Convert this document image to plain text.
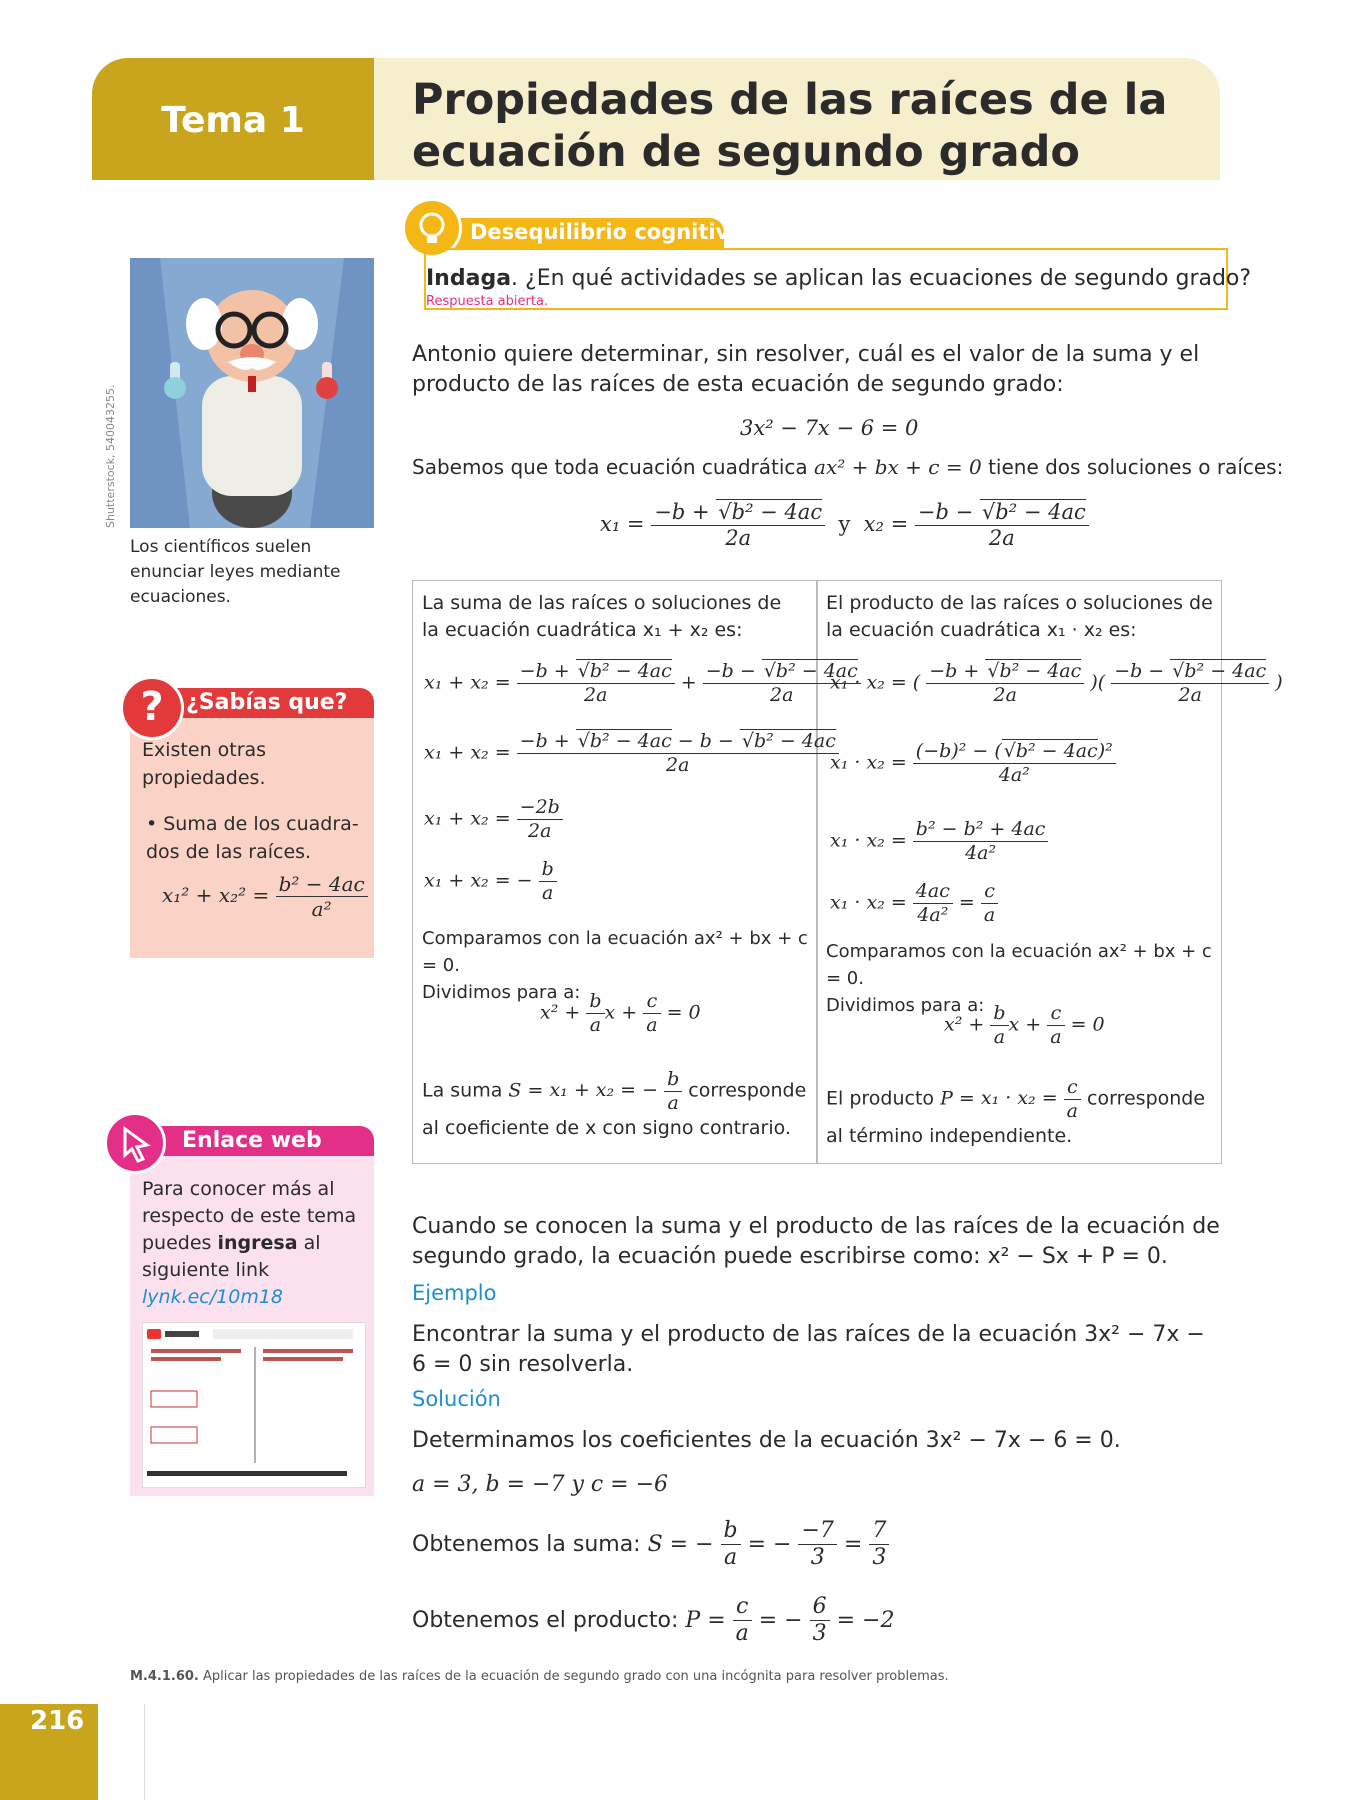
Tema 1	Propiedades de las raíces de la
ecuación de segundo grado
Shutterstock, 540043255.
Los científicos suelen enunciar leyes mediante ecuaciones.
?	¿Sabías que?
Existen otras propiedades.
• Suma de los cuadra- dos de las raíces.
$x_1^2 + x_2^2 = \frac{\text{b² − 4ac}}{\text{a²}}$
Enlace web
Para conocer más al respecto de este tema puedes ingresa al siguiente link
lynk.ec/10m18
Desequilibrio cognitivo
Indaga. ¿En qué actividades se aplican las ecuaciones de segundo grado?
Respuesta abierta.
Antonio quiere determinar, sin resolver, cuál es el valor de la suma y el producto de las raíces de esta ecuación de segundo grado:
3x² − 7x − 6 = 0
Sabemos que toda ecuación cuadrática ax² + bx + c = 0 tiene dos soluciones o raíces:
$x_1 = \frac{\text{−b + √ b² − 4ac}}{2a}$ y $x_2 = \frac{\text{−b − √ b² − 4ac}}{2a}$
La suma de las raíces o soluciones de la ecuación cuadrática x₁ + x₂ es:
$x_1 + x_2 = \frac{\text{−b + √ b² − 4ac}}{2a} + \frac{\text{−b − √ b² − 4ac}}{2a}$
$x_1 + x_2 = \frac{\text{−b + √ b² − 4ac − b − √ b² − 4ac}}{2a}$
$x_1 + x_2 = \frac{-2b}{2a}$
x₁ + x₂ = − $\frac{b}{a}$
Comparamos con la ecuación ax² + bx + c = 0.
Dividimos para a:
$x^2 + \frac{b}{a}$ $x + \frac{c}{a} = 0$
La suma S = x₁ + x₂ = − $\frac{b}{a}$ corresponde al coeficiente de x con signo contrario.
El producto de las raíces o soluciones de la ecuación cuadrática x₁ · x₂ es:
x₁ · x₂ = ( $\frac{\text{−b + √ b² − 4ac}}{2a}$ )( $\frac{\text{−b − √ b² − 4ac}}{2a}$ )
$x_1 \cdot x_2 = \frac{\text{(−b)² − ( √ b² − 4ac)²}}{\text{4a²}}$
$x_1 \cdot x_2 = \frac{\text{b² − b² + 4ac}}{\text{4a²}}$
$x_1 \cdot x_2 = \frac{4ac}{\text{4a²}} = \frac{c}{a}$
Comparamos con la ecuación ax² + bx + c = 0.
Dividimos para a:
$x^2 + \frac{b}{a}$ $x + \frac{c}{a} = 0$
El producto $P = x_1 \cdot x_2 = \frac{c}{a}$ corresponde al término independiente.
Cuando se conocen la suma y el producto de las raíces de la ecuación de segundo grado, la ecuación puede escribirse como: x² − Sx + P = 0.
Ejemplo
Encontrar la suma y el producto de las raíces de la ecuación 3x² − 7x − 6 = 0 sin resolverla.
Solución
Determinamos los coeficientes de la ecuación 3x² − 7x − 6 = 0.
a = 3, b = −7 y c = −6
Obtenemos la suma: S = − $\frac{b}{a}$ = − $\frac{-7}{3} = \frac{7}{3}$
Obtenemos el producto: $P = \frac{c}{a}$ = − $\frac{6}{3} = -2$
M.4.1.60. Aplicar las propiedades de las raíces de la ecuación de segundo grado con una incógnita para resolver problemas.
216
